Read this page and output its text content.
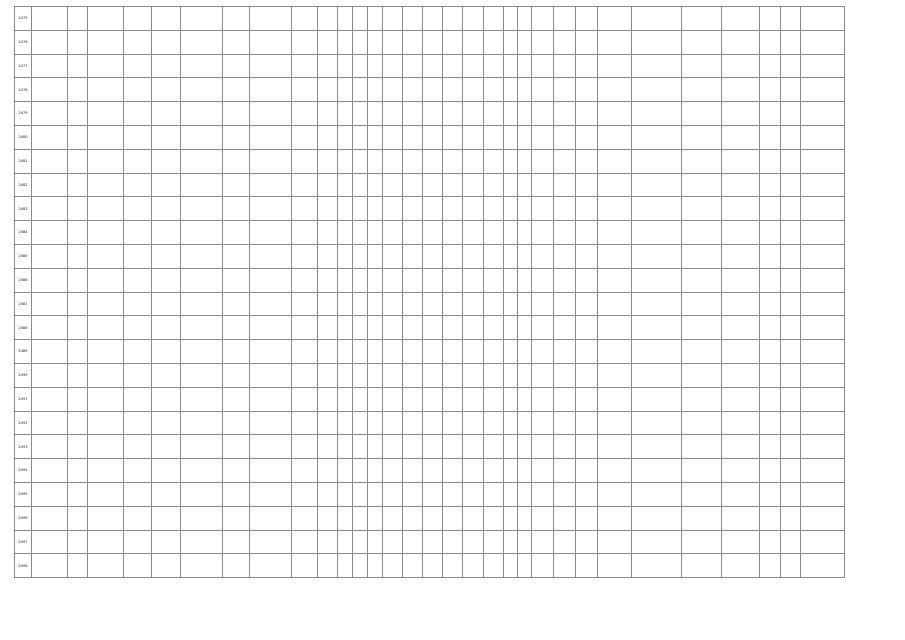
2475																															
2476																															
2477																															
2478																															
2479																															
2480																															
2481																															
2482																															
2483																															
2484																															
2485																															
2486																															
2487																															
2488																															
2489																															
2490																															
2491																															
2492																															
2493																															
2494																															
2495																															
2496																															
2497																															
2498																															
